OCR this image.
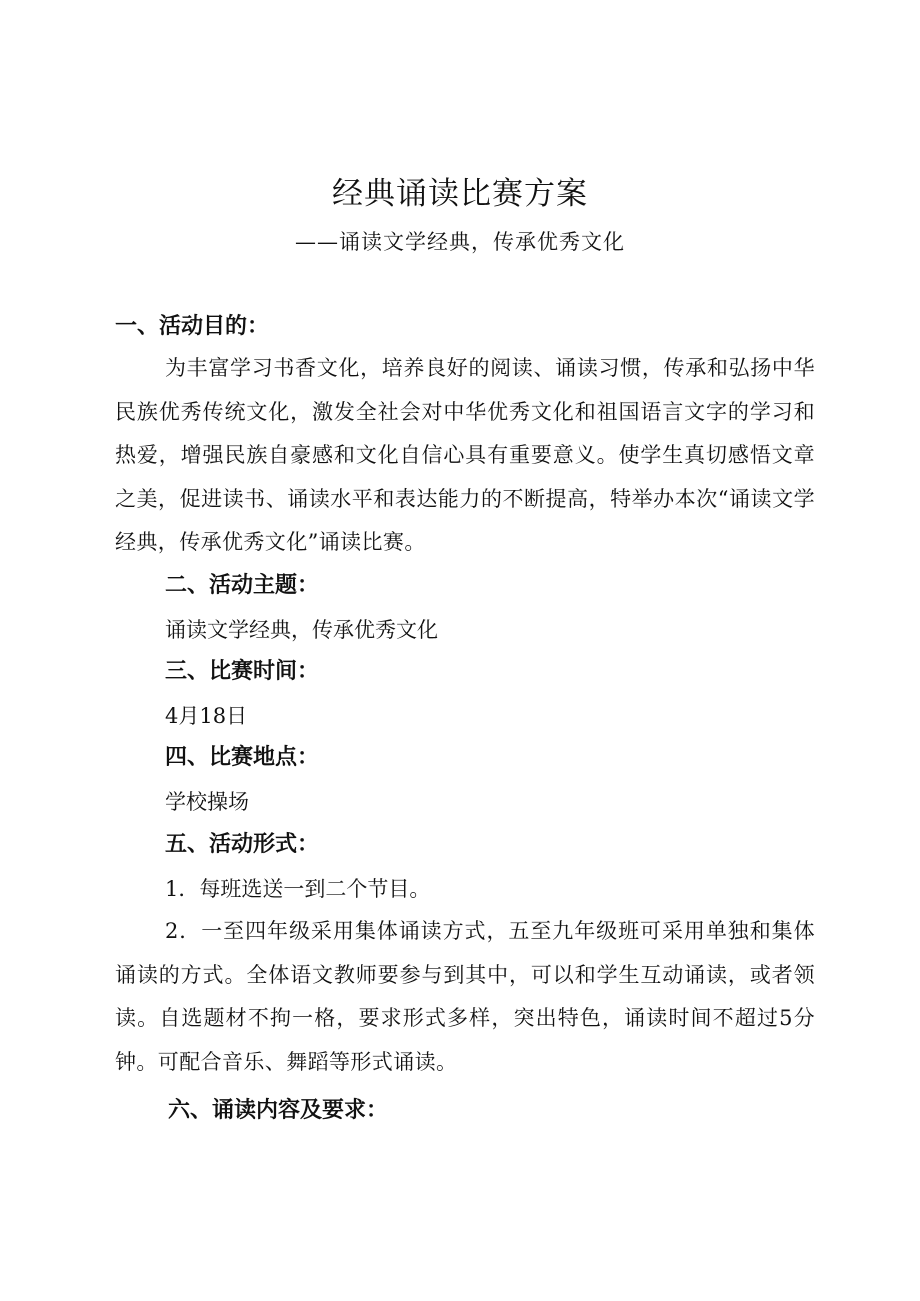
经典诵读比赛方案
——诵读文学经典，传承优秀文化
一、活动目的：
为丰富学习书香文化，培养良好的阅读、诵读习惯，传承和弘扬中华民族优秀传统文化，激发全社会对中华优秀文化和祖国语言文字的学习和热爱，增强民族自豪感和文化自信心具有重要意义。使学生真切感悟文章之美，促进读书、诵读水平和表达能力的不断提高，特举办本次“诵读文学经典，传承优秀文化”诵读比赛。
二、活动主题：
诵读文学经典，传承优秀文化
三、比赛时间：
4月18日
四、比赛地点：
学校操场
五、活动形式：
1．每班选送一到二个节目。
2．一至四年级采用集体诵读方式，五至九年级班可采用单独和集体诵读的方式。全体语文教师要参与到其中，可以和学生互动诵读，或者领读。自选题材不拘一格，要求形式多样，突出特色，诵读时间不超过5分钟。可配合音乐、舞蹈等形式诵读。
六、诵读内容及要求：
